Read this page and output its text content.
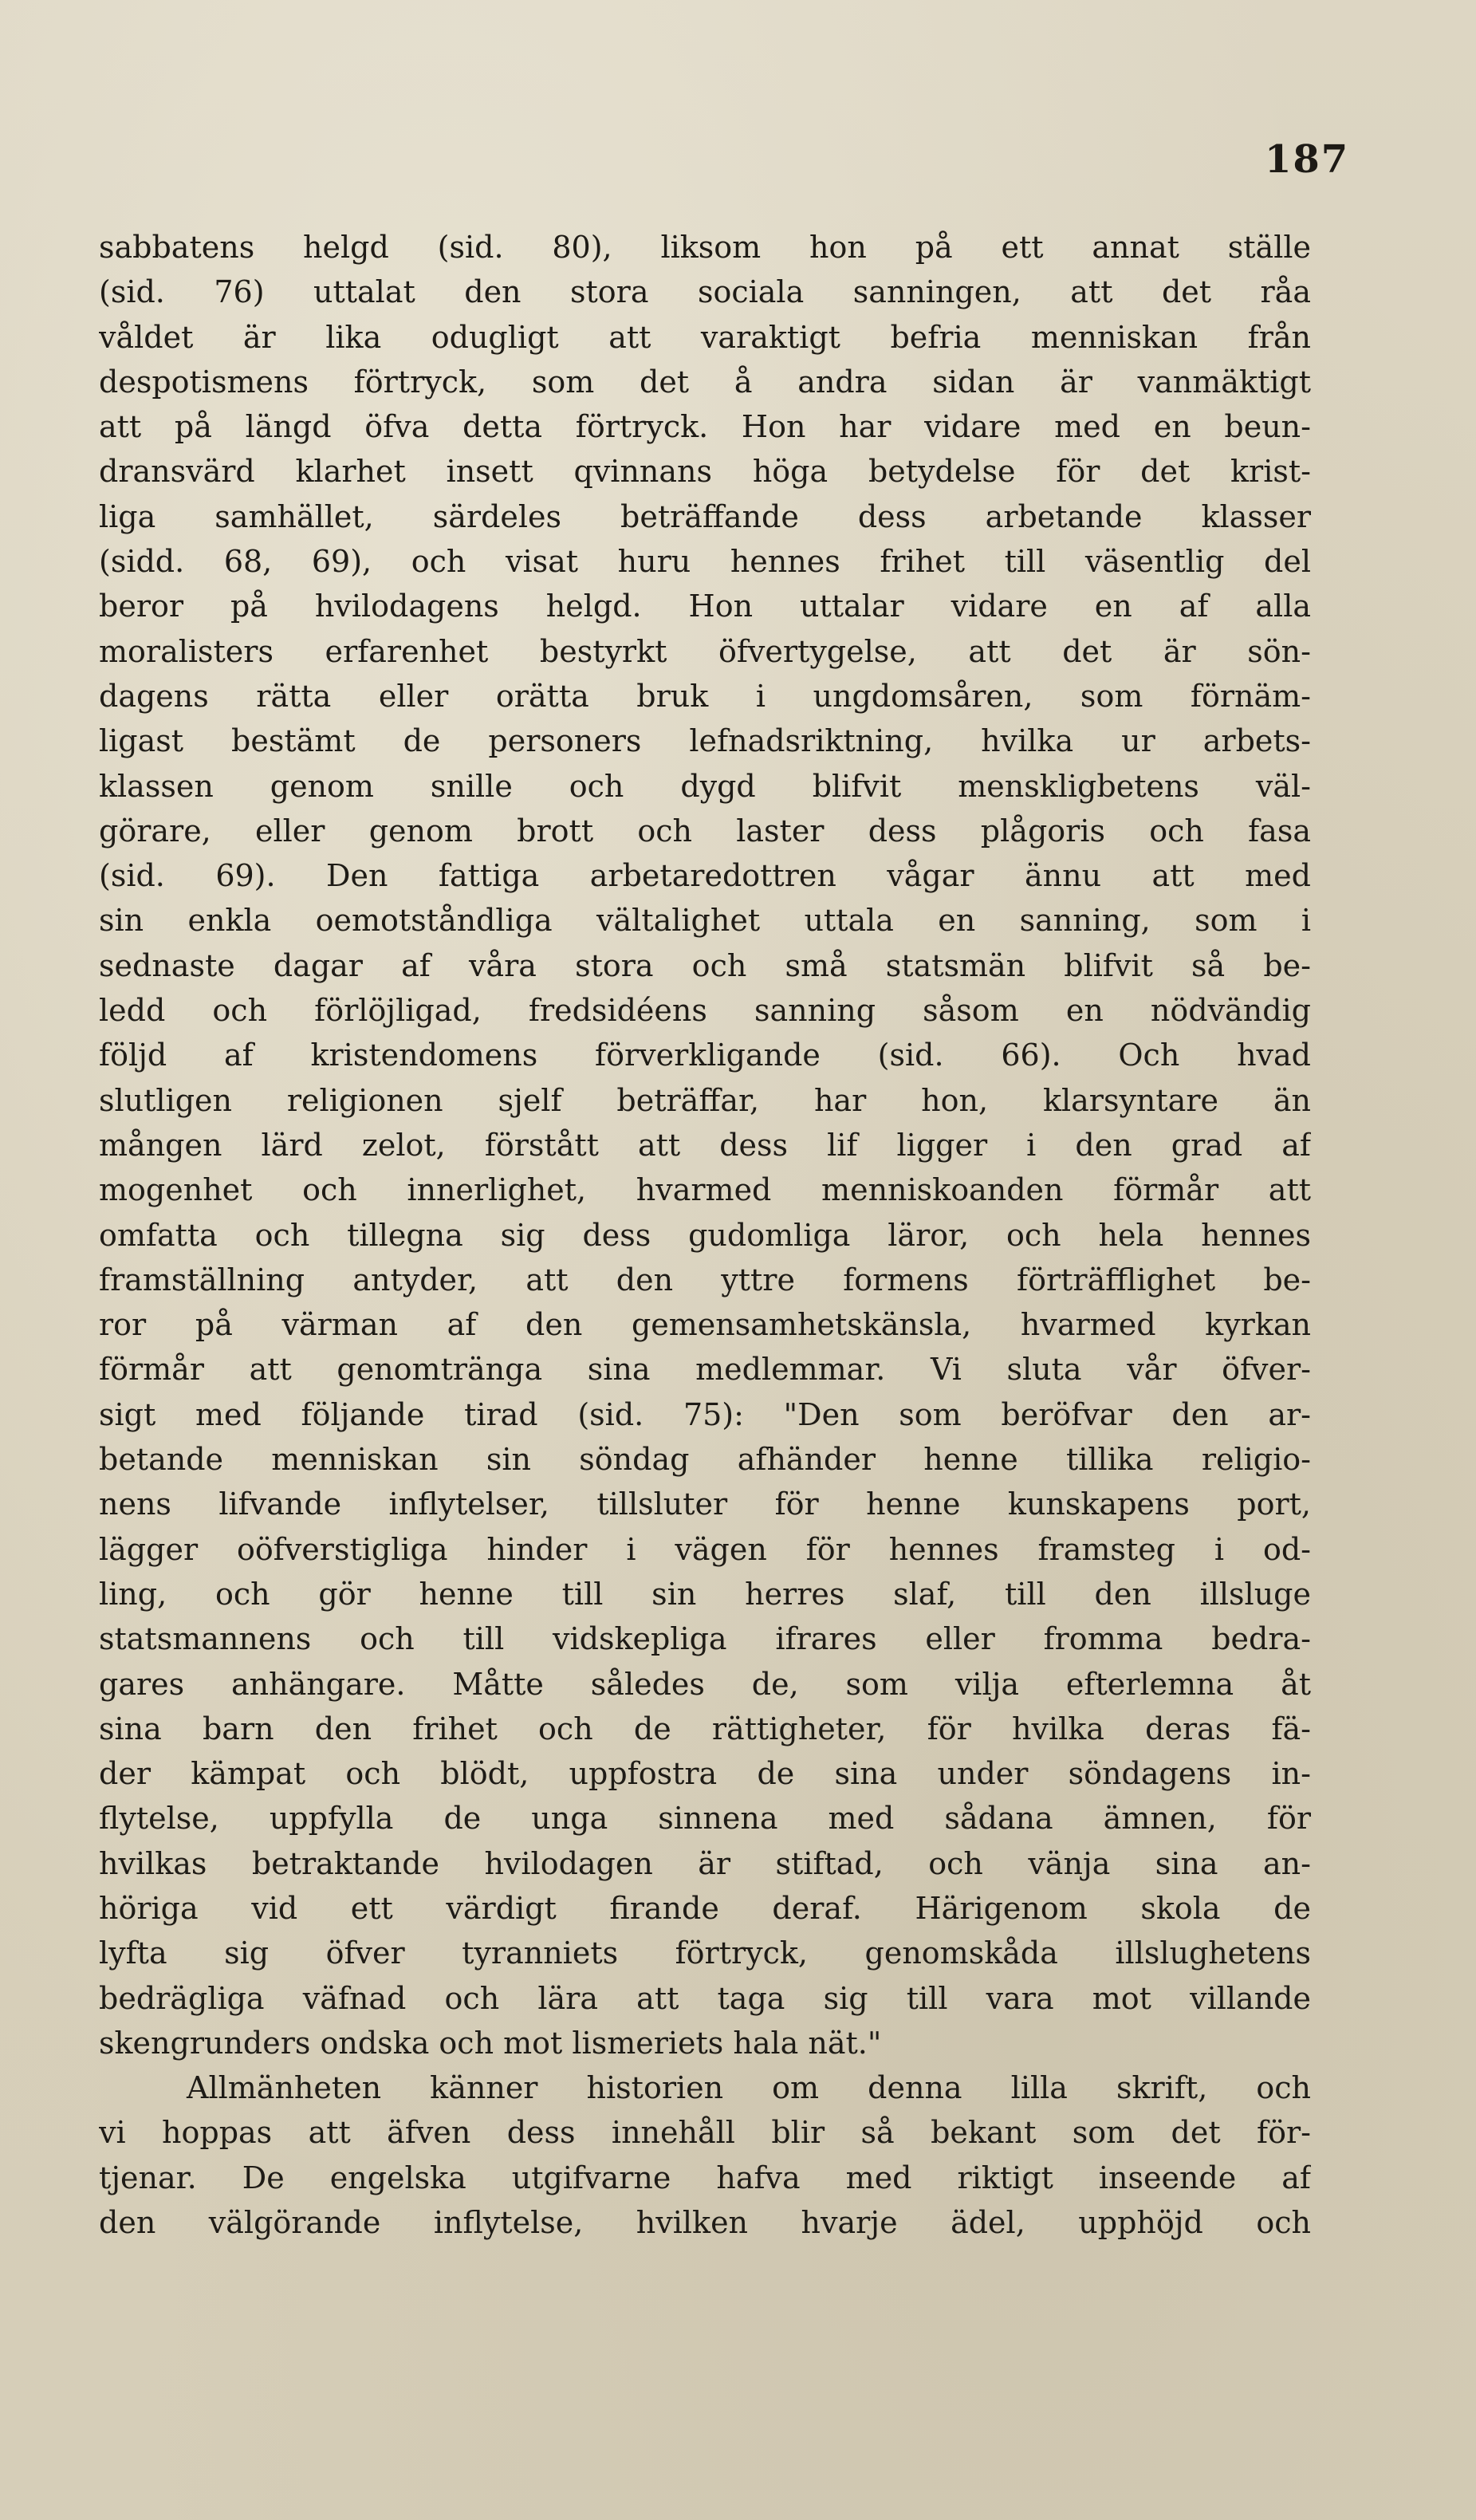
187
sabbatens helgd (sid. 80), liksom hon på ett annat ställe
(sid. 76) uttalat den stora sociala sanningen, att det råa
våldet är lika odugligt att varaktigt befria menniskan från
despotismens förtryck, som det å andra sidan är vanmäktigt
att på längd öfva detta förtryck. Hon har vidare med en beun-
dransvärd klarhet insett qvinnans höga betydelse för det krist-
liga samhället, särdeles beträffande dess arbetande klasser
(sidd. 68, 69), och visat huru hennes frihet till väsentlig del
beror på hvilodagens helgd. Hon uttalar vidare en af alla
moralisters erfarenhet bestyrkt öfvertygelse, att det är sön-
dagens rätta eller orätta bruk i ungdomsåren, som förnäm-
ligast bestämt de personers lefnadsriktning, hvilka ur arbets-
klassen genom snille och dygd blifvit menskligbetens väl-
görare, eller genom brott och laster dess plågoris och fasa
(sid. 69). Den fattiga arbetaredottren vågar ännu att med
sin enkla oemotståndliga vältalighet uttala en sanning, som i
sednaste dagar af våra stora och små statsmän blifvit så be-
ledd och förlöjligad, fredsidéens sanning såsom en nödvändig
följd af kristendomens förverkligande (sid. 66). Och hvad
slutligen religionen sjelf beträffar, har hon, klarsyntare än
mången lärd zelot, förstått att dess lif ligger i den grad af
mogenhet och innerlighet, hvarmed menniskoanden förmår att
omfatta och tillegna sig dess gudomliga läror, och hela hennes
framställning antyder, att den yttre formens förträfflighet be-
ror på värman af den gemensamhetskänsla, hvarmed kyrkan
förmår att genomtränga sina medlemmar. Vi sluta vår öfver-
sigt med följande tirad (sid. 75): "Den som beröfvar den ar-
betande menniskan sin söndag afhänder henne tillika religio-
nens lifvande inflytelser, tillsluter för henne kunskapens port,
lägger oöfverstigliga hinder i vägen för hennes framsteg i od-
ling, och gör henne till sin herres slaf, till den illsluge
statsmannens och till vidskepliga ifrares eller fromma bedra-
gares anhängare. Måtte således de, som vilja efterlemna åt
sina barn den frihet och de rättigheter, för hvilka deras fä-
der kämpat och blödt, uppfostra de sina under söndagens in-
flytelse, uppfylla de unga sinnena med sådana ämnen, för
hvilkas betraktande hvilodagen är stiftad, och vänja sina an-
höriga vid ett värdigt firande deraf. Härigenom skola de
lyfta sig öfver tyranniets förtryck, genomskåda illslughetens
bedrägliga väfnad och lära att taga sig till vara mot villande
skengrunders ondska och mot lismeriets hala nät."
Allmänheten känner historien om denna lilla skrift, och
vi hoppas att äfven dess innehåll blir så bekant som det för-
tjenar. De engelska utgifvarne hafva med riktigt inseende af
den välgörande inflytelse, hvilken hvarje ädel, upphöjd och
